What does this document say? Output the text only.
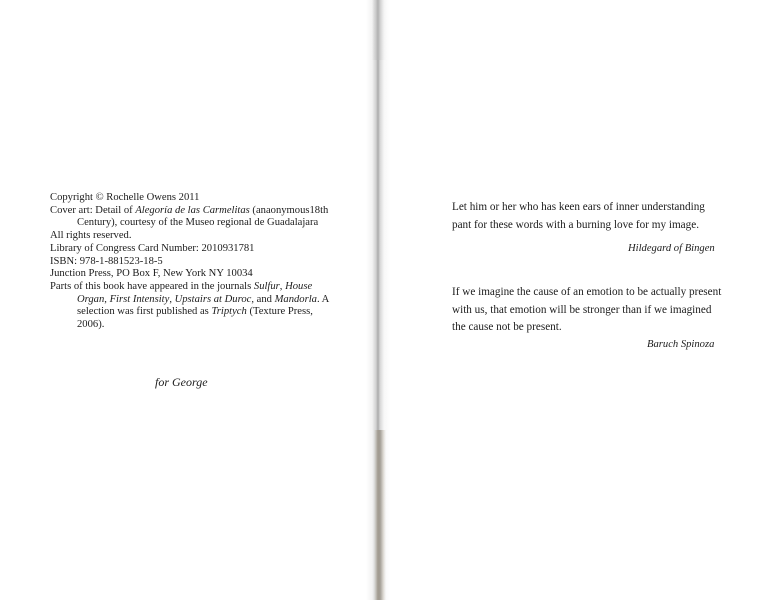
Copyright © Rochelle Owens 2011
Cover art: Detail of Alegoría de las Carmelitas (anaonymous18th
Century), courtesy of the Museo regional de Guadalajara
All rights reserved.
Library of Congress Card Number: 2010931781
ISBN: 978-1-881523-18-5
Junction Press, PO Box F, New York NY 10034
Parts of this book have appeared in the journals Sulfur, House
Organ, First Intensity, Upstairs at Duroc, and Mandorla. A
selection was first published as Triptych (Texture Press,
2006).
for George
Let him or her who has keen ears of inner understanding
pant for these words with a burning love for my image.
Hildegard of Bingen
If we imagine the cause of an emotion to be actually present
with us, that emotion will be stronger than if we imagined
the cause not be present.
Baruch Spinoza
